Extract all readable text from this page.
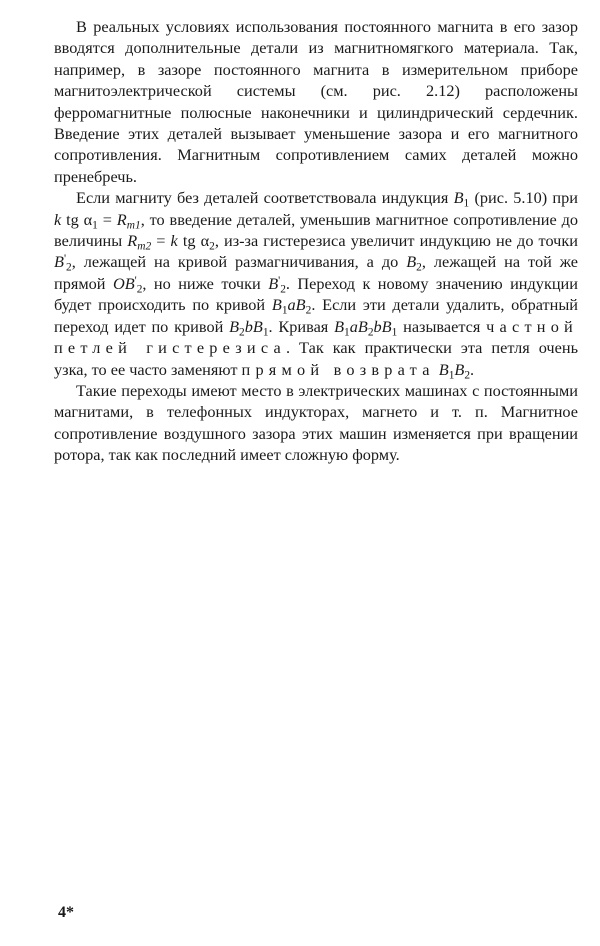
В реальных условиях использования постоянного магнита в его зазор вводятся дополнительные детали из магнитномягкого материала. Так, например, в зазоре постоянного магнита в измерительном приборе магнитоэлектрической системы (см. рис. 2.12) расположены ферромагнитные полюсные наконечники и цилиндрический сердечник. Введение этих деталей вызывает уменьшение зазора и его магнитного сопротивления. Магнитным сопротивлением самих деталей можно пренебречь.

Если магниту без деталей соответствовала индукция $B_1$ (рис. 5.10) при k tg $\alpha_1 = R_{m1}$, то введение деталей, уменьшив магнитное сопротивление до величины $R_{m2} = k$ tg $\alpha_2$, из-за гистерезиса увеличит индукцию не до точки $B'_2$, лежащей на кривой размагничивания, а до $B_2$, лежащей на той же прямой $OB'_2$, но ниже точки $B'_2$. Переход к новому значению индукции будет происходить по кривой $B_1aB_2$. Если эти детали удалить, обратный переход идет по кривой $B_2bB_1$. Кривая $B_1aB_2bB_1$ называется частной петлей гистерезиса. Так как практически эта петля очень узка, то ее часто заменяют прямой возврата $B_1B_2$.

Такие переходы имеют место в электрических машинах с постоянными магнитами, в телефонных индукторах, магнето и т. п. Магнитное сопротивление воздушного зазора этих машин изменяется при вращении ротора, так как последний имеет сложную форму.

4*
